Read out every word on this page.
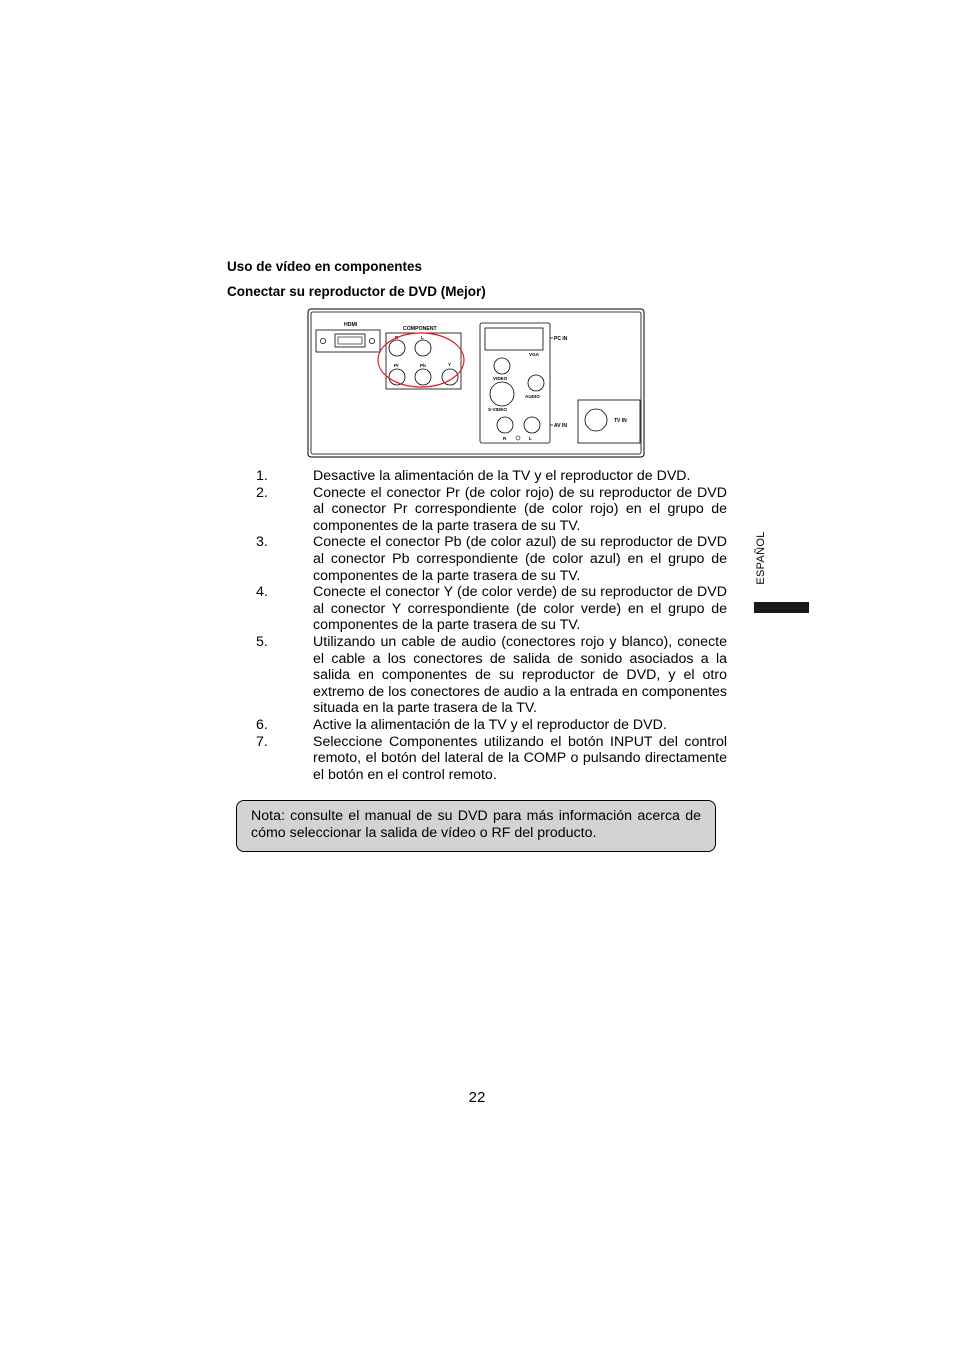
Uso de vídeo en componentes
Conectar su reproductor de DVD (Mejor)
HDMI
COMPONENT
R	L
Pr	Pb	Y
PC IN
VGA
VIDEO
AUDIO
S-VIDEO
AV IN
R	L
TV IN
1.	Desactive la alimentación de la TV y el reproductor de DVD.
2.	Conecte el conector Pr (de color rojo) de su reproductor de DVD al conector Pr correspondiente (de color rojo) en el grupo de componentes de la parte trasera de su TV.
3.	Conecte el conector Pb (de color azul) de su reproductor de DVD al conector Pb correspondiente (de color azul) en el grupo de componentes de la parte trasera de su TV.
4.	Conecte el conector Y (de color verde) de su reproductor de DVD al conector Y correspondiente (de color verde) en el grupo de componentes de la parte trasera de su TV.
5.	Utilizando un cable de audio (conectores rojo y blanco), conecte el cable a los conectores de salida de sonido asociados a la salida en componentes de su reproductor de DVD, y el otro extremo de los conectores de audio a la entrada en componentes situada en la parte trasera de la TV.
6.	Active la alimentación de la TV y el reproductor de DVD.
7.	Seleccione Componentes utilizando el botón INPUT del control remoto, el botón del lateral de la COMP o pulsando directamente el botón en el control remoto.
Nota: consulte el manual de su DVD para más información acerca de cómo seleccionar la salida de vídeo o RF del producto.
ESPAÑOL
22
